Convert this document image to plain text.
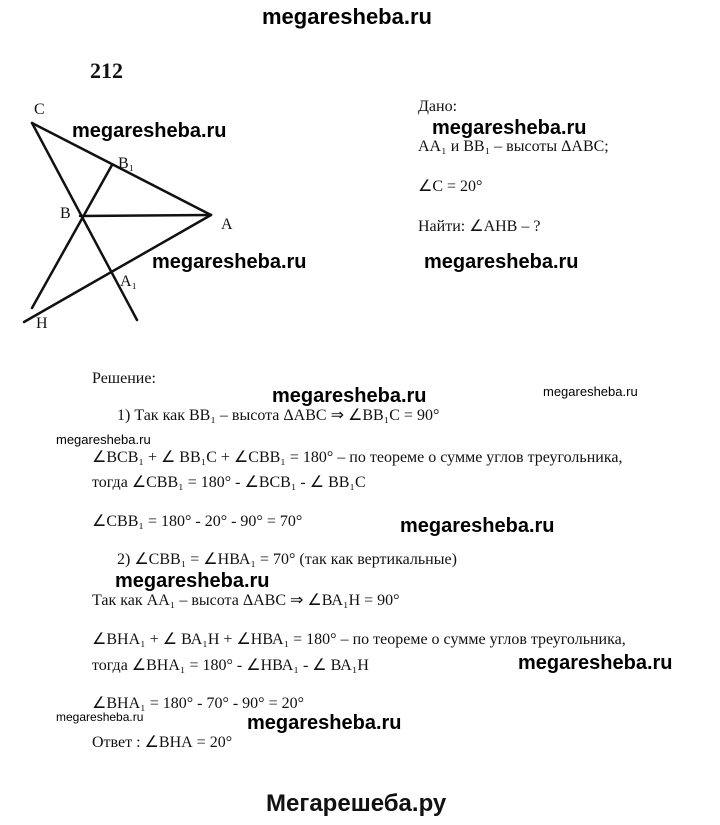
megaresheba.ru
212
C
B₁
B
A
A₁
H
Дано:
АА₁ и ВВ₁ – высоты ΔАВС;
∠С = 20°
Найти: ∠АНВ – ?
Решение:
1) Так как ВВ₁ – высота ΔАВС ⇒ ∠ВВ₁С = 90°
∠ВСВ₁ + ∠ ВВ₁С + ∠СВВ₁ = 180° – по теореме о сумме углов треугольника,
тогда ∠СВВ₁ = 180° - ∠ВСВ₁ - ∠ ВВ₁С
∠СВВ₁ = 180° - 20° - 90° = 70°
2) ∠СВВ₁ = ∠НВА₁ = 70° (так как вертикальные)
Так как АА₁ – высота ΔАВС ⇒ ∠ВА₁Н = 90°
∠ВНА₁ + ∠ ВА₁Н + ∠НВА₁ = 180° – по теореме о сумме углов треугольника,
тогда ∠ВНА₁ = 180° - ∠НВА₁ - ∠ ВА₁Н
∠ВНА₁ = 180° - 70° - 90° = 20°
Ответ : ∠ВНА = 20°
megaresheba.ru	megaresheba.ru
megaresheba.ru	megaresheba.ru
megaresheba.ru	megaresheba.ru
megaresheba.ru
megaresheba.ru
megaresheba.ru
megaresheba.ru
megaresheba.ru	megaresheba.ru
Мегарешеба.ру
